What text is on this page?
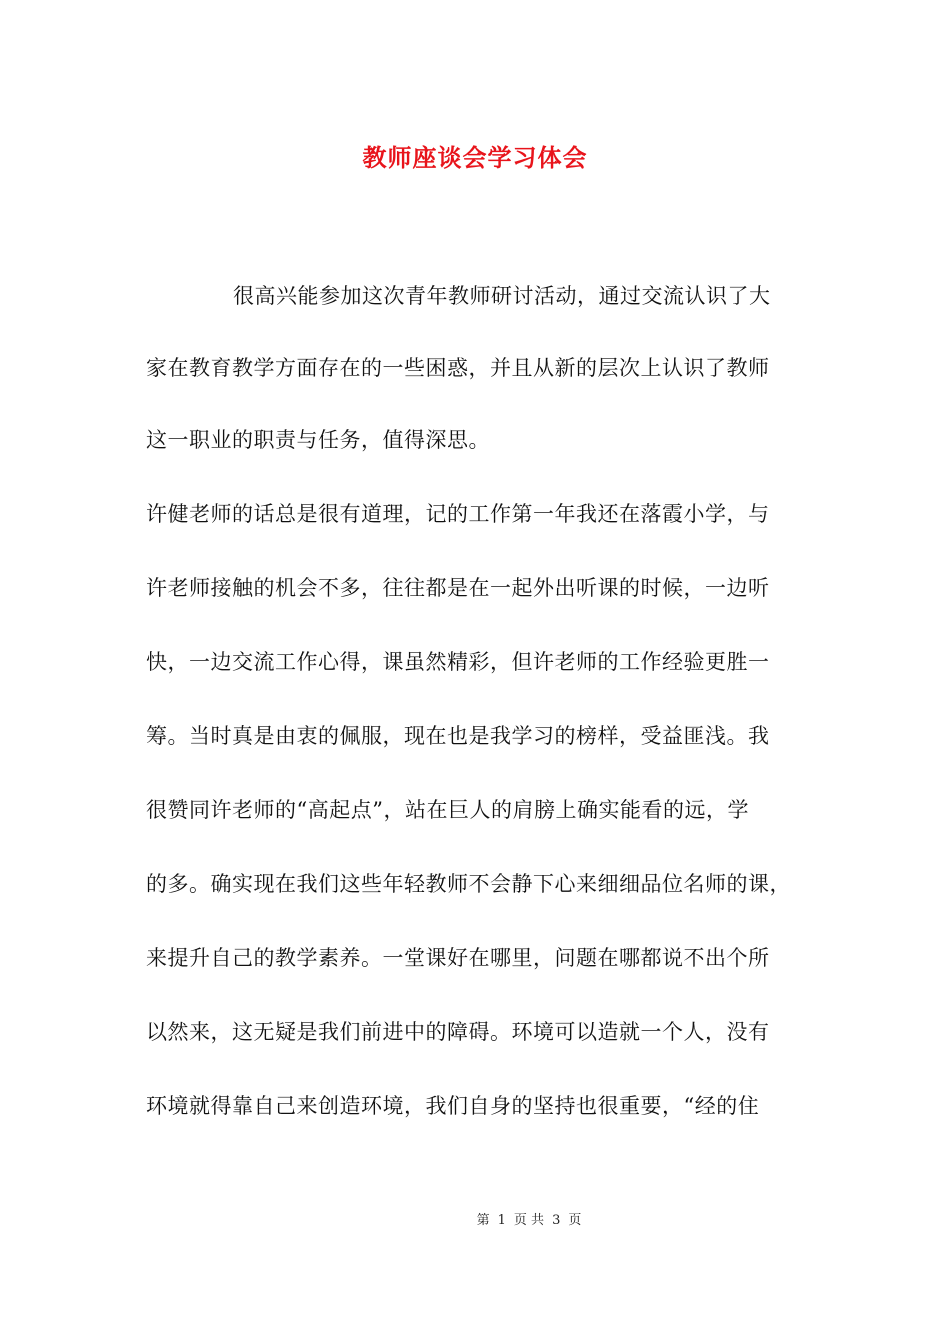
教师座谈会学习体会
很高兴能参加这次青年教师研讨活动，通过交流认识了大
家在教育教学方面存在的一些困惑，并且从新的层次上认识了教师
这一职业的职责与任务，值得深思。
许健老师的话总是很有道理，记的工作第一年我还在落霞小学，与
许老师接触的机会不多，往往都是在一起外出听课的时候，一边听
快，一边交流工作心得，课虽然精彩，但许老师的工作经验更胜一
筹。当时真是由衷的佩服，现在也是我学习的榜样，受益匪浅。我
很赞同许老师的“高起点”，站在巨人的肩膀上确实能看的远，学
的多。确实现在我们这些年轻教师不会静下心来细细品位名师的课，
来提升自己的教学素养。一堂课好在哪里，问题在哪都说不出个所
以然来，这无疑是我们前进中的障碍。环境可以造就一个人，没有
环境就得靠自己来创造环境，我们自身的坚持也很重要，“经的住
第 1 页 共 3 页
